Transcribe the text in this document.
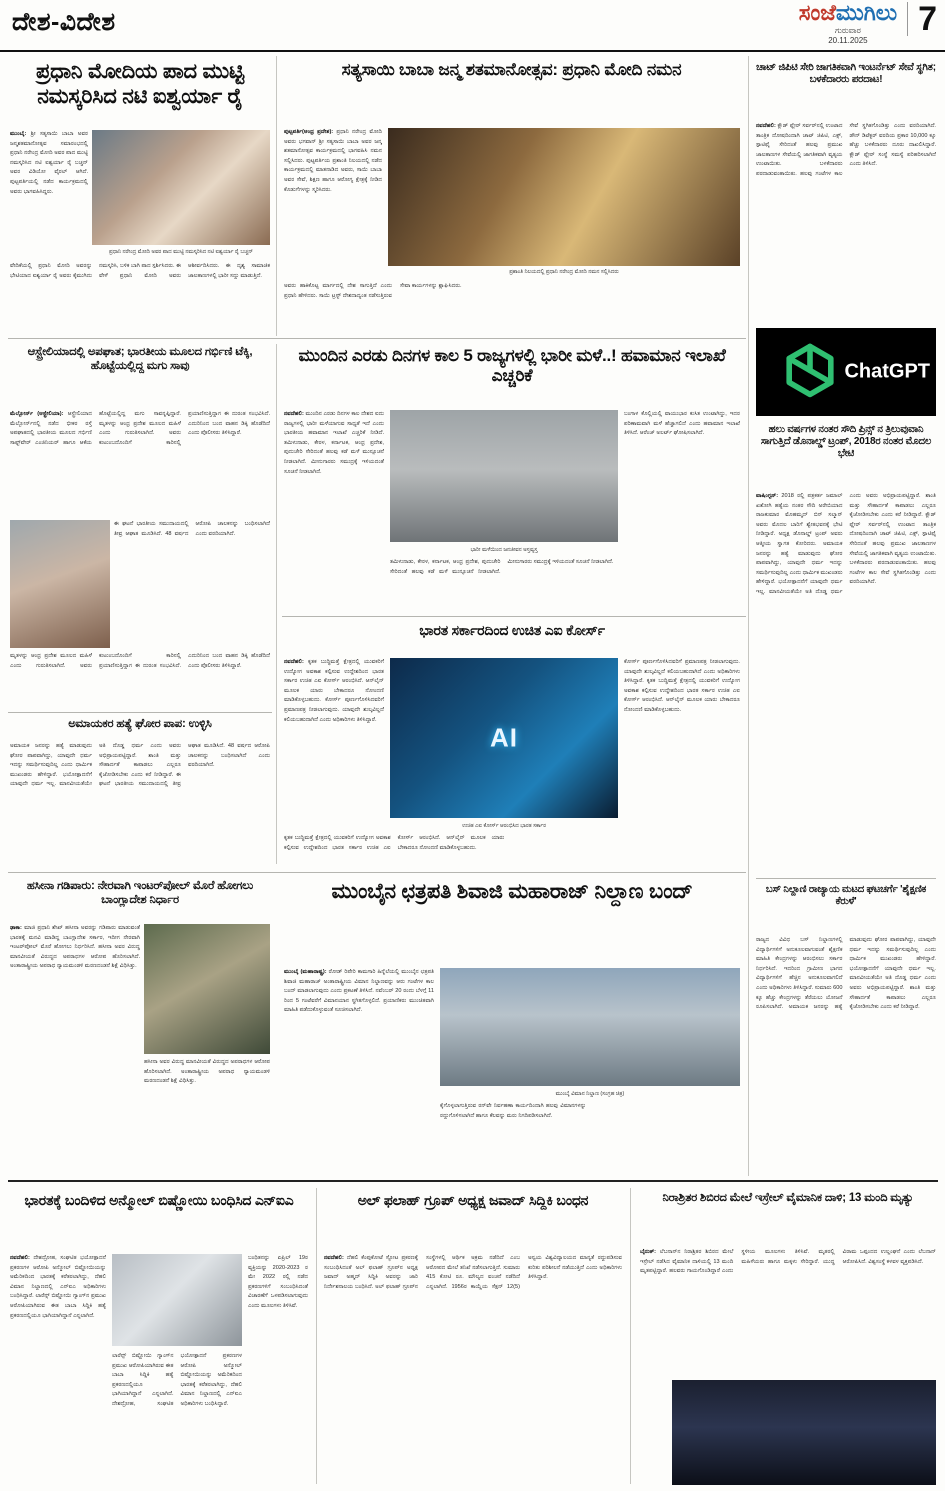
ದೇಶ-ವಿದೇಶ	ಸಂಜೆಮುಗಿಲು
ಗುರುವಾರ
20.11.2025
7
ಪ್ರಧಾನಿ ಮೋದಿಯ ಪಾದ ಮುಟ್ಟಿ ನಮಸ್ಕರಿಸಿದ ನಟಿ ಐಶ್ವರ್ಯಾ ರೈ
ಮುಂಬೈ: ಶ್ರೀ ಸತ್ಯಸಾಯಿ ಬಾಬಾ ಅವರ ಜನ್ಮಶತಮಾನೋತ್ಸವ ಸಮಾರಂಭದಲ್ಲಿ ಪ್ರಧಾನಿ ನರೇಂದ್ರ ಮೋದಿ ಅವರ ಪಾದ ಮುಟ್ಟಿ ನಮಸ್ಕರಿಸಿದ ನಟಿ ಐಶ್ವರ್ಯಾ ರೈ ಬಚ್ಚನ್ ಅವರ ವಿಡಿಯೋ ವೈರಲ್ ಆಗಿದೆ. ಪುಟ್ಟಪರ್ತಿಯಲ್ಲಿ ನಡೆದ ಕಾರ್ಯಕ್ರಮದಲ್ಲಿ ಅವರು ಭಾಗವಹಿಸಿದ್ದರು.
ಪ್ರಧಾನಿ ನರೇಂದ್ರ ಮೋದಿ ಅವರ ಪಾದ ಮುಟ್ಟಿ ನಮಸ್ಕರಿಸಿದ ನಟಿ ಐಶ್ವರ್ಯಾ ರೈ ಬಚ್ಚನ್
ವೇದಿಕೆಯಲ್ಲಿ ಪ್ರಧಾನಿ ಮೋದಿ ಅವರನ್ನು ಭೇಟಿಯಾದ ಐಶ್ವರ್ಯಾ ರೈ ಅವರು ಕೈಮುಗಿದು ನಮಸ್ಕರಿಸಿ, ಬಳಿಕ ಬಾಗಿ ಪಾದ ಸ್ಪರ್ಶಿಸಿದರು. ಈ ವೇಳೆ ಪ್ರಧಾನಿ ಮೋದಿ ಅವರು ಆಶೀರ್ವದಿಸಿದರು. ಈ ದೃಶ್ಯ ಸಾಮಾಜಿಕ ಜಾಲತಾಣಗಳಲ್ಲಿ ಭಾರೀ ಸದ್ದು ಮಾಡುತ್ತಿದೆ.
ಸತ್ಯಸಾಯಿ ಬಾಬಾ ಜನ್ಮ ಶತಮಾನೋತ್ಸವ: ಪ್ರಧಾನಿ ಮೋದಿ ನಮನ
ಪುಟ್ಟಪರ್ತಿ(ಆಂಧ್ರ ಪ್ರದೇಶ): ಪ್ರಧಾನಿ ನರೇಂದ್ರ ಮೋದಿ ಅವರು ಭಗವಾನ್ ಶ್ರೀ ಸತ್ಯಸಾಯಿ ಬಾಬಾ ಅವರ ಜನ್ಮ ಶತಮಾನೋತ್ಸವ ಕಾರ್ಯಕ್ರಮದಲ್ಲಿ ಭಾಗವಹಿಸಿ ನಮನ ಸಲ್ಲಿಸಿದರು. ಪುಟ್ಟಪರ್ತಿಯ ಪ್ರಶಾಂತಿ ನಿಲಯದಲ್ಲಿ ನಡೆದ ಕಾರ್ಯಕ್ರಮದಲ್ಲಿ ಮಾತನಾಡಿದ ಅವರು, ಸಾಯಿ ಬಾಬಾ ಅವರ ಸೇವೆ, ಶಿಕ್ಷಣ ಹಾಗೂ ಆರೋಗ್ಯ ಕ್ಷೇತ್ರಕ್ಕೆ ನೀಡಿದ ಕೊಡುಗೆಗಳನ್ನು ಸ್ಮರಿಸಿದರು.
ಪ್ರಶಾಂತಿ ನಿಲಯದಲ್ಲಿ ಪ್ರಧಾನಿ ನರೇಂದ್ರ ಮೋದಿ ನಮನ ಸಲ್ಲಿಸಿದರು
ಅವರು ಹಾಕಿಕೊಟ್ಟ ಮಾರ್ಗದಲ್ಲಿ ದೇಶ ಸಾಗುತ್ತಿದೆ ಎಂದು ಪ್ರಧಾನಿ ಹೇಳಿದರು. ಸಾಯಿ ಟ್ರಸ್ಟ್ ದೇಶದಾದ್ಯಂತ ನಡೆಸುತ್ತಿರುವ ಸೇವಾ ಕಾರ್ಯಗಳನ್ನು ಶ್ಲಾಘಿಸಿದರು.
ಚಾಟ್ ಜಿಪಿಟಿ ಸೇರಿ ಜಾಗತಿಕವಾಗಿ ಇಂಟರ್ನೆಟ್ ಸೇವೆ ಸ್ಥಗಿತ; ಬಳಕೆದಾರರು ಪರದಾಟ!
ನವದೆಹಲಿ: ಕ್ಲೌಡ್ ಫ್ಲೇರ್ ಸರ್ವರ್‌ನಲ್ಲಿ ಉಂಟಾದ ತಾಂತ್ರಿಕ ದೋಷದಿಂದಾಗಿ ಚಾಟ್ ಜಿಪಿಟಿ, ಎಕ್ಸ್, ಸ್ಪಾಟಿಫೈ ಸೇರಿದಂತೆ ಹಲವು ಪ್ರಮುಖ ಜಾಲತಾಣಗಳ ಸೇವೆಯಲ್ಲಿ ಜಾಗತಿಕವಾಗಿ ವ್ಯತ್ಯಯ ಉಂಟಾಯಿತು. ಬಳಕೆದಾರರು ಪರದಾಡುವಂತಾಯಿತು. ಹಲವು ಗಂಟೆಗಳ ಕಾಲ ಸೇವೆ ಸ್ಥಗಿತಗೊಂಡಿತ್ತು ಎಂದು ವರದಿಯಾಗಿದೆ. ಡೌನ್ ಡಿಟೆಕ್ಟರ್ ವರದಿಯ ಪ್ರಕಾರ 10,000 ಕ್ಕೂ ಹೆಚ್ಚು ಬಳಕೆದಾರರು ದೂರು ದಾಖಲಿಸಿದ್ದಾರೆ. ಕ್ಲೌಡ್ ಫ್ಲೇರ್ ಸಂಸ್ಥೆ ಸಮಸ್ಯೆ ಪರಿಹರಿಸಲಾಗಿದೆ ಎಂದು ತಿಳಿಸಿದೆ.
ChatGPT
ಹಲು ವರ್ಷಗಳ ನಂತರ ಸೌದಿ ಪ್ರಿನ್ಸ್ ನ ತ್ರಿಲುವುವಾನಿ ಸಾಗುತ್ತಿದೆ ಡೊನಾಲ್ಡ್ ಟ್ರಂಪ್, 2018ರ ನಂತರ ಮೊದಲ ಭೇಟಿ
ವಾಷಿಂಗ್ಟನ್: 2018 ರಲ್ಲಿ ಪತ್ರಕರ್ತ ಜಮಾಲ್ ಖಶೋಗಿ ಹತ್ಯೆಯ ನಂತರ ಸೌದಿ ಅರೇಬಿಯಾದ ರಾಜಕುಮಾರ ಮೊಹಮ್ಮದ್ ಬಿನ್ ಸಲ್ಮಾನ್ ಅವರು ಮೊದಲ ಬಾರಿಗೆ ಶ್ವೇತಭವನಕ್ಕೆ ಭೇಟಿ ನೀಡಿದ್ದಾರೆ. ಅಧ್ಯಕ್ಷ ಡೊನಾಲ್ಡ್ ಟ್ರಂಪ್ ಅವರು ಆತ್ಮೀಯ ಸ್ವಾಗತ ಕೋರಿದರು. ಅಮಾಯಕ ಜನರನ್ನು ಹತ್ಯೆ ಮಾಡುವುದು ಘೋರ ಪಾಪವಾಗಿದ್ದು, ಯಾವುದೇ ಧರ್ಮ ಇದನ್ನು ಸಮರ್ಥಿಸುವುದಿಲ್ಲ ಎಂದು ಧಾರ್ಮಿಕ ಮುಖಂಡರು ಹೇಳಿದ್ದಾರೆ. ಭಯೋತ್ಪಾದನೆಗೆ ಯಾವುದೇ ಧರ್ಮ ಇಲ್ಲ. ಮಾನವೀಯತೆಯೇ ಅತಿ ದೊಡ್ಡ ಧರ್ಮ ಎಂದು ಅವರು ಅಭಿಪ್ರಾಯಪಟ್ಟಿದ್ದಾರೆ. ಶಾಂತಿ ಮತ್ತು ಸೌಹಾರ್ದತೆ ಕಾಪಾಡಲು ಎಲ್ಲರೂ ಕೈಜೋಡಿಸಬೇಕು ಎಂದು ಕರೆ ನೀಡಿದ್ದಾರೆ. ಕ್ಲೌಡ್ ಫ್ಲೇರ್ ಸರ್ವರ್‌ನಲ್ಲಿ ಉಂಟಾದ ತಾಂತ್ರಿಕ ದೋಷದಿಂದಾಗಿ ಚಾಟ್ ಜಿಪಿಟಿ, ಎಕ್ಸ್, ಸ್ಪಾಟಿಫೈ ಸೇರಿದಂತೆ ಹಲವು ಪ್ರಮುಖ ಜಾಲತಾಣಗಳ ಸೇವೆಯಲ್ಲಿ ಜಾಗತಿಕವಾಗಿ ವ್ಯತ್ಯಯ ಉಂಟಾಯಿತು. ಬಳಕೆದಾರರು ಪರದಾಡುವಂತಾಯಿತು. ಹಲವು ಗಂಟೆಗಳ ಕಾಲ ಸೇವೆ ಸ್ಥಗಿತಗೊಂಡಿತ್ತು ಎಂದು ವರದಿಯಾಗಿದೆ.
ಬಸ್ ನಿಲ್ದಾಣಿ ರಾಜ್ಯಾಯ ಮಟದ ಘಟಚರ್ಗೆ 'ಶೈಕ್ಷಣಿಕ ಕೆರುಳೆ'
ರಾಜ್ಯದ ವಿವಿಧ ಬಸ್ ನಿಲ್ದಾಣಗಳಲ್ಲಿ ವಿದ್ಯಾರ್ಥಿಗಳಿಗೆ ಅನುಕೂಲವಾಗುವಂತೆ ಶೈಕ್ಷಣಿಕ ಮಾಹಿತಿ ಕೇಂದ್ರಗಳನ್ನು ಆರಂಭಿಸಲು ಸರ್ಕಾರ ನಿರ್ಧರಿಸಿದೆ. ಇದರಿಂದ ಗ್ರಾಮೀಣ ಭಾಗದ ವಿದ್ಯಾರ್ಥಿಗಳಿಗೆ ಹೆಚ್ಚಿನ ಅನುಕೂಲವಾಗಲಿದೆ ಎಂದು ಅಧಿಕಾರಿಗಳು ತಿಳಿಸಿದ್ದಾರೆ. ಸುಮಾರು 600 ಕ್ಕೂ ಹೆಚ್ಚು ಕೇಂದ್ರಗಳನ್ನು ತೆರೆಯಲು ಯೋಜನೆ ರೂಪಿಸಲಾಗಿದೆ. ಅಮಾಯಕ ಜನರನ್ನು ಹತ್ಯೆ ಮಾಡುವುದು ಘೋರ ಪಾಪವಾಗಿದ್ದು, ಯಾವುದೇ ಧರ್ಮ ಇದನ್ನು ಸಮರ್ಥಿಸುವುದಿಲ್ಲ ಎಂದು ಧಾರ್ಮಿಕ ಮುಖಂಡರು ಹೇಳಿದ್ದಾರೆ. ಭಯೋತ್ಪಾದನೆಗೆ ಯಾವುದೇ ಧರ್ಮ ಇಲ್ಲ. ಮಾನವೀಯತೆಯೇ ಅತಿ ದೊಡ್ಡ ಧರ್ಮ ಎಂದು ಅವರು ಅಭಿಪ್ರಾಯಪಟ್ಟಿದ್ದಾರೆ. ಶಾಂತಿ ಮತ್ತು ಸೌಹಾರ್ದತೆ ಕಾಪಾಡಲು ಎಲ್ಲರೂ ಕೈಜೋಡಿಸಬೇಕು ಎಂದು ಕರೆ ನೀಡಿದ್ದಾರೆ.
ಆಸ್ಟ್ರೇಲಿಯಾದಲ್ಲಿ ಅಪಘಾತ; ಭಾರತೀಯ ಮೂಲದ ಗರ್ಭಿಣಿ ಟೆಕ್ಕಿ, ಹೊಟ್ಟೆಯಲ್ಲಿದ್ದ ಮಗು ಸಾವು
ಮೆಲ್ಬೋರ್ನ್ (ಆಸ್ಟ್ರೇಲಿಯಾ): ಆಸ್ಟ್ರೇಲಿಯಾದ ಮೆಲ್ಬೋರ್ನ್‌ನಲ್ಲಿ ನಡೆದ ಭೀಕರ ರಸ್ತೆ ಅಪಘಾತದಲ್ಲಿ ಭಾರತೀಯ ಮೂಲದ ಗರ್ಭಿಣಿ ಸಾಫ್ಟ್‌ವೇರ್ ಎಂಜಿನಿಯರ್ ಹಾಗೂ ಆಕೆಯ ಹೊಟ್ಟೆಯಲ್ಲಿದ್ದ ಮಗು ಸಾವನ್ನಪ್ಪಿದ್ದಾರೆ. ಮೃತಳನ್ನು ಆಂಧ್ರ ಪ್ರದೇಶ ಮೂಲದ ಮಹಿಳೆ ಎಂದು ಗುರುತಿಸಲಾಗಿದೆ. ಅವರು ಕುಟುಂಬದೊಂದಿಗೆ ಕಾರಿನಲ್ಲಿ ಪ್ರಯಾಣಿಸುತ್ತಿದ್ದಾಗ ಈ ದುರಂತ ಸಂಭವಿಸಿದೆ. ಎದುರಿನಿಂದ ಬಂದ ವಾಹನ ಡಿಕ್ಕಿ ಹೊಡೆದಿದೆ ಎಂದು ಪೊಲೀಸರು ತಿಳಿಸಿದ್ದಾರೆ.
ಈ ಘಟನೆ ಭಾರತೀಯ ಸಮುದಾಯದಲ್ಲಿ ತೀವ್ರ ಆಘಾತ ಮೂಡಿಸಿದೆ. 48 ವರ್ಷದ ಆರೋಪಿ ಚಾಲಕನನ್ನು ಬಂಧಿಸಲಾಗಿದೆ ಎಂದು ವರದಿಯಾಗಿದೆ.
ಮೃತಳನ್ನು ಆಂಧ್ರ ಪ್ರದೇಶ ಮೂಲದ ಮಹಿಳೆ ಎಂದು ಗುರುತಿಸಲಾಗಿದೆ. ಅವರು ಕುಟುಂಬದೊಂದಿಗೆ ಕಾರಿನಲ್ಲಿ ಪ್ರಯಾಣಿಸುತ್ತಿದ್ದಾಗ ಈ ದುರಂತ ಸಂಭವಿಸಿದೆ. ಎದುರಿನಿಂದ ಬಂದ ವಾಹನ ಡಿಕ್ಕಿ ಹೊಡೆದಿದೆ ಎಂದು ಪೊಲೀಸರು ತಿಳಿಸಿದ್ದಾರೆ.
ಅಮಾಯಕರ ಹತ್ಯೆ ಘೋರ ಪಾಪ: ಉಳ್ಳಿಸಿ
ಅಮಾಯಕ ಜನರನ್ನು ಹತ್ಯೆ ಮಾಡುವುದು ಘೋರ ಪಾಪವಾಗಿದ್ದು, ಯಾವುದೇ ಧರ್ಮ ಇದನ್ನು ಸಮರ್ಥಿಸುವುದಿಲ್ಲ ಎಂದು ಧಾರ್ಮಿಕ ಮುಖಂಡರು ಹೇಳಿದ್ದಾರೆ. ಭಯೋತ್ಪಾದನೆಗೆ ಯಾವುದೇ ಧರ್ಮ ಇಲ್ಲ. ಮಾನವೀಯತೆಯೇ ಅತಿ ದೊಡ್ಡ ಧರ್ಮ ಎಂದು ಅವರು ಅಭಿಪ್ರಾಯಪಟ್ಟಿದ್ದಾರೆ. ಶಾಂತಿ ಮತ್ತು ಸೌಹಾರ್ದತೆ ಕಾಪಾಡಲು ಎಲ್ಲರೂ ಕೈಜೋಡಿಸಬೇಕು ಎಂದು ಕರೆ ನೀಡಿದ್ದಾರೆ. ಈ ಘಟನೆ ಭಾರತೀಯ ಸಮುದಾಯದಲ್ಲಿ ತೀವ್ರ ಆಘಾತ ಮೂಡಿಸಿದೆ. 48 ವರ್ಷದ ಆರೋಪಿ ಚಾಲಕನನ್ನು ಬಂಧಿಸಲಾಗಿದೆ ಎಂದು ವರದಿಯಾಗಿದೆ.
ಮುಂದಿನ ಎರಡು ದಿನಗಳ ಕಾಲ 5 ರಾಜ್ಯಗಳಲ್ಲಿ ಭಾರೀ ಮಳೆ..! ಹವಾಮಾನ ಇಲಾಖೆ ಎಚ್ಚರಿಕೆ
ನವದೆಹಲಿ: ಮುಂದಿನ ಎರಡು ದಿನಗಳ ಕಾಲ ದೇಶದ ಐದು ರಾಜ್ಯಗಳಲ್ಲಿ ಭಾರೀ ಮಳೆಯಾಗುವ ಸಾಧ್ಯತೆ ಇದೆ ಎಂದು ಭಾರತೀಯ ಹವಾಮಾನ ಇಲಾಖೆ ಎಚ್ಚರಿಕೆ ನೀಡಿದೆ. ತಮಿಳುನಾಡು, ಕೇರಳ, ಕರ್ನಾಟಕ, ಆಂಧ್ರ ಪ್ರದೇಶ, ಪುದುಚೇರಿ ಸೇರಿದಂತೆ ಹಲವು ಕಡೆ ಮಳೆ ಮುನ್ಸೂಚನೆ ನೀಡಲಾಗಿದೆ. ಮೀನುಗಾರರು ಸಮುದ್ರಕ್ಕೆ ಇಳಿಯದಂತೆ ಸೂಚನೆ ನೀಡಲಾಗಿದೆ.
ಭಾರೀ ಮಳೆಯಿಂದ ಜನಜೀವನ ಅಸ್ತವ್ಯಸ್ತ
ಬಂಗಾಳ ಕೊಲ್ಲಿಯಲ್ಲಿ ವಾಯುಭಾರ ಕುಸಿತ ಉಂಟಾಗಿದ್ದು, ಇದರ ಪರಿಣಾಮವಾಗಿ ಮಳೆ ಹೆಚ್ಚಾಗಲಿದೆ ಎಂದು ಹವಾಮಾನ ಇಲಾಖೆ ತಿಳಿಸಿದೆ. ಆರೆಂಜ್ ಅಲರ್ಟ್ ಘೋಷಿಸಲಾಗಿದೆ.
ತಮಿಳುನಾಡು, ಕೇರಳ, ಕರ್ನಾಟಕ, ಆಂಧ್ರ ಪ್ರದೇಶ, ಪುದುಚೇರಿ ಸೇರಿದಂತೆ ಹಲವು ಕಡೆ ಮಳೆ ಮುನ್ಸೂಚನೆ ನೀಡಲಾಗಿದೆ. ಮೀನುಗಾರರು ಸಮುದ್ರಕ್ಕೆ ಇಳಿಯದಂತೆ ಸೂಚನೆ ನೀಡಲಾಗಿದೆ.
ಭಾರತ ಸರ್ಕಾರದಿಂದ ಉಚಿತ ಎಐ ಕೋರ್ಸ್
ನವದೆಹಲಿ: ಕೃತಕ ಬುದ್ಧಿಮತ್ತೆ ಕ್ಷೇತ್ರದಲ್ಲಿ ಯುವಕರಿಗೆ ಉದ್ಯೋಗ ಅವಕಾಶ ಕಲ್ಪಿಸುವ ಉದ್ದೇಶದಿಂದ ಭಾರತ ಸರ್ಕಾರ ಉಚಿತ ಎಐ ಕೋರ್ಸ್ ಆರಂಭಿಸಿದೆ. ಆನ್‌ಲೈನ್ ಮೂಲಕ ಯಾರು ಬೇಕಾದರೂ ನೋಂದಣಿ ಮಾಡಿಕೊಳ್ಳಬಹುದು. ಕೋರ್ಸ್ ಪೂರ್ಣಗೊಳಿಸಿದವರಿಗೆ ಪ್ರಮಾಣಪತ್ರ ನೀಡಲಾಗುವುದು. ಯಾವುದೇ ಶುಲ್ಕವಿಲ್ಲದೆ ಕಲಿಯಬಹುದಾಗಿದೆ ಎಂದು ಅಧಿಕಾರಿಗಳು ತಿಳಿಸಿದ್ದಾರೆ.
AI
ಉಚಿತ ಎಐ ಕೋರ್ಸ್ ಆರಂಭಿಸಿದ ಭಾರತ ಸರ್ಕಾರ
ಕೋರ್ಸ್ ಪೂರ್ಣಗೊಳಿಸಿದವರಿಗೆ ಪ್ರಮಾಣಪತ್ರ ನೀಡಲಾಗುವುದು. ಯಾವುದೇ ಶುಲ್ಕವಿಲ್ಲದೆ ಕಲಿಯಬಹುದಾಗಿದೆ ಎಂದು ಅಧಿಕಾರಿಗಳು ತಿಳಿಸಿದ್ದಾರೆ. ಕೃತಕ ಬುದ್ಧಿಮತ್ತೆ ಕ್ಷೇತ್ರದಲ್ಲಿ ಯುವಕರಿಗೆ ಉದ್ಯೋಗ ಅವಕಾಶ ಕಲ್ಪಿಸುವ ಉದ್ದೇಶದಿಂದ ಭಾರತ ಸರ್ಕಾರ ಉಚಿತ ಎಐ ಕೋರ್ಸ್ ಆರಂಭಿಸಿದೆ. ಆನ್‌ಲೈನ್ ಮೂಲಕ ಯಾರು ಬೇಕಾದರೂ ನೋಂದಣಿ ಮಾಡಿಕೊಳ್ಳಬಹುದು.
ಕೃತಕ ಬುದ್ಧಿಮತ್ತೆ ಕ್ಷೇತ್ರದಲ್ಲಿ ಯುವಕರಿಗೆ ಉದ್ಯೋಗ ಅವಕಾಶ ಕಲ್ಪಿಸುವ ಉದ್ದೇಶದಿಂದ ಭಾರತ ಸರ್ಕಾರ ಉಚಿತ ಎಐ ಕೋರ್ಸ್ ಆರಂಭಿಸಿದೆ. ಆನ್‌ಲೈನ್ ಮೂಲಕ ಯಾರು ಬೇಕಾದರೂ ನೋಂದಣಿ ಮಾಡಿಕೊಳ್ಳಬಹುದು.
ಹಸೀನಾ ಗಡಿಪಾರು: ನೇರವಾಗಿ ಇಂಟರ್‌ಪೋಲ್ ಮೊರೆ ಹೋಗಲು ಬಾಂಗ್ಲಾದೇಶ ನಿರ್ಧಾರ
ಢಾಕಾ: ಮಾಜಿ ಪ್ರಧಾನಿ ಶೇಖ್ ಹಸೀನಾ ಅವರನ್ನು ಗಡಿಪಾರು ಮಾಡುವಂತೆ ಭಾರತಕ್ಕೆ ಮನವಿ ಮಾಡಿದ್ದ ಬಾಂಗ್ಲಾದೇಶ ಸರ್ಕಾರ, ಇದೀಗ ನೇರವಾಗಿ ಇಂಟರ್‌ಪೋಲ್ ಮೊರೆ ಹೋಗಲು ನಿರ್ಧರಿಸಿದೆ. ಹಸೀನಾ ಅವರ ವಿರುದ್ಧ ಮಾನವೀಯತೆ ವಿರುದ್ಧದ ಅಪರಾಧಗಳ ಆರೋಪ ಹೊರಿಸಲಾಗಿದೆ. ಅಂತಾರಾಷ್ಟ್ರೀಯ ಅಪರಾಧ ನ್ಯಾಯಮಂಡಳಿ ಮರಣದಂಡನೆ ಶಿಕ್ಷೆ ವಿಧಿಸಿತ್ತು.
ಹಸೀನಾ ಅವರ ವಿರುದ್ಧ ಮಾನವೀಯತೆ ವಿರುದ್ಧದ ಅಪರಾಧಗಳ ಆರೋಪ ಹೊರಿಸಲಾಗಿದೆ. ಅಂತಾರಾಷ್ಟ್ರೀಯ ಅಪರಾಧ ನ್ಯಾಯಮಂಡಳಿ ಮರಣದಂಡನೆ ಶಿಕ್ಷೆ ವಿಧಿಸಿತ್ತು.
ಮುಂಬೈನ ಛತ್ರಪತಿ ಶಿವಾಜಿ ಮಹಾರಾಜ್ ನಿಲ್ದಾಣ ಬಂದ್
ಮುಂಬೈ (ಮಹಾರಾಷ್ಟ್ರ): ರೋಡ್ ರಿಪೇರಿ ಕಾಮಗಾರಿ ಹಿನ್ನೆಲೆಯಲ್ಲಿ ಮುಂಬೈನ ಛತ್ರಪತಿ ಶಿವಾಜಿ ಮಹಾರಾಜ್ ಅಂತಾರಾಷ್ಟ್ರೀಯ ವಿಮಾನ ನಿಲ್ದಾಣವನ್ನು ಆರು ಗಂಟೆಗಳ ಕಾಲ ಬಂದ್ ಮಾಡಲಾಗುವುದು ಎಂದು ಪ್ರಕಟಣೆ ತಿಳಿಸಿದೆ. ನವೆಂಬರ್ 20 ರಂದು ಬೆಳಗ್ಗೆ 11 ರಿಂದ 5 ಗಂಟೆವರೆಗೆ ವಿಮಾನಯಾನ ಸ್ಥಗಿತಗೊಳ್ಳಲಿದೆ. ಪ್ರಯಾಣಿಕರು ಮುಂಚಿತವಾಗಿ ಮಾಹಿತಿ ಪಡೆದುಕೊಳ್ಳುವಂತೆ ಸೂಚಿಸಲಾಗಿದೆ.
ಮುಂಬೈ ವಿಮಾನ ನಿಲ್ದಾಣ (ಸಂಗ್ರಹ ಚಿತ್ರ)
ಕೈಗೊಳ್ಳಲಾಗುತ್ತಿರುವ ರನ್‌ವೇ ನಿರ್ವಹಣಾ ಕಾರ್ಯದಿಂದಾಗಿ ಹಲವು ವಿಮಾನಗಳನ್ನು ರದ್ದುಗೊಳಿಸಲಾಗಿದೆ ಹಾಗೂ ಕೆಲವನ್ನು ಮರು ನಿಗದಿಪಡಿಸಲಾಗಿದೆ.
ಭಾರತಕ್ಕೆ ಬಂದಿಳಿದ ಅನ್ಮೋಲ್ ಬಿಷ್ಣೋಯಿ ಬಂಧಿಸಿದ ಎನ್ಐಎ
ನವದೆಹಲಿ: ದೇಶದ್ರೋಹ, ಸಂಘಟಿತ ಭಯೋತ್ಪಾದನೆ ಪ್ರಕರಣಗಳ ಆರೋಪಿ ಅನ್ಮೋಲ್ ಬಿಷ್ಣೋಯಿಯನ್ನು ಅಮೆರಿಕದಿಂದ ಭಾರತಕ್ಕೆ ಕರೆತರಲಾಗಿದ್ದು, ದೆಹಲಿ ವಿಮಾನ ನಿಲ್ದಾಣದಲ್ಲಿ ಎನ್ಐಎ ಅಧಿಕಾರಿಗಳು ಬಂಧಿಸಿದ್ದಾರೆ. ಲಾರೆನ್ಸ್ ಬಿಷ್ಣೋಯಿ ಗ್ಯಾಂಗ್‌ನ ಪ್ರಮುಖ ಆರೋಪಿಯಾಗಿರುವ ಈತ ಬಾಬಾ ಸಿದ್ದಿಕಿ ಹತ್ಯೆ ಪ್ರಕರಣದಲ್ಲಿಯೂ ಭಾಗಿಯಾಗಿದ್ದಾನೆ ಎನ್ನಲಾಗಿದೆ.
ಬಂಧಿತನನ್ನು ಏಪ್ರಿಲ್ 19ರ ವ್ಯಕ್ತಿಯನ್ನು 2020-2023 ರ ಮೇ 2022 ರಲ್ಲಿ ನಡೆದ ಪ್ರಕರಣಗಳಿಗೆ ಸಂಬಂಧಿಸಿದಂತೆ ವಿಚಾರಣೆಗೆ ಒಳಪಡಿಸಲಾಗುವುದು ಎಂದು ಮೂಲಗಳು ತಿಳಿಸಿವೆ.
ಲಾರೆನ್ಸ್ ಬಿಷ್ಣೋಯಿ ಗ್ಯಾಂಗ್‌ನ ಪ್ರಮುಖ ಆರೋಪಿಯಾಗಿರುವ ಈತ ಬಾಬಾ ಸಿದ್ದಿಕಿ ಹತ್ಯೆ ಪ್ರಕರಣದಲ್ಲಿಯೂ ಭಾಗಿಯಾಗಿದ್ದಾನೆ ಎನ್ನಲಾಗಿದೆ. ದೇಶದ್ರೋಹ, ಸಂಘಟಿತ ಭಯೋತ್ಪಾದನೆ ಪ್ರಕರಣಗಳ ಆರೋಪಿ ಅನ್ಮೋಲ್ ಬಿಷ್ಣೋಯಿಯನ್ನು ಅಮೆರಿಕದಿಂದ ಭಾರತಕ್ಕೆ ಕರೆತರಲಾಗಿದ್ದು, ದೆಹಲಿ ವಿಮಾನ ನಿಲ್ದಾಣದಲ್ಲಿ ಎನ್ಐಎ ಅಧಿಕಾರಿಗಳು ಬಂಧಿಸಿದ್ದಾರೆ.
ಅಲ್ ಫಲಾಹ್ ಗ್ರೂಪ್ ಅಧ್ಯಕ್ಷ ಜವಾದ್ ಸಿದ್ದಿಕಿ ಬಂಧನ
ನವದೆಹಲಿ: ದೆಹಲಿ ಕೆಂಪುಕೋಟೆ ಸ್ಫೋಟ ಪ್ರಕರಣಕ್ಕೆ ಸಂಬಂಧಿಸಿದಂತೆ ಅಲ್ ಫಲಾಹ್ ಗ್ರೂಪ್‌ನ ಅಧ್ಯಕ್ಷ ಜವಾದ್ ಅಹ್ಮದ್ ಸಿದ್ದಿಕಿ ಅವರನ್ನು ಜಾರಿ ನಿರ್ದೇಶನಾಲಯ ಬಂಧಿಸಿದೆ. ಅಲ್ ಫಲಾಹ್ ಗ್ರೂಪ್‌ನ ಸಂಸ್ಥೆಗಳಲ್ಲಿ ಆರ್ಥಿಕ ಅಕ್ರಮ ನಡೆದಿದೆ ಎಂಬ ಆರೋಪದ ಮೇಲೆ ತನಿಖೆ ನಡೆಸಲಾಗುತ್ತಿದೆ. ಸುಮಾರು 415 ಕೋಟಿ ರೂ. ಮೌಲ್ಯದ ವಂಚನೆ ನಡೆದಿದೆ ಎನ್ನಲಾಗಿದೆ. 1956ರ ಕಾಯ್ದೆಯ ಸೆಕ್ಷನ್ 12(5) ಅನ್ವಯ ವಿಶ್ವವಿದ್ಯಾಲಯದ ಮಾನ್ಯತೆ ರದ್ದುಪಡಿಸುವ ಕುರಿತು ಪರಿಶೀಲನೆ ನಡೆಯುತ್ತಿದೆ ಎಂದು ಅಧಿಕಾರಿಗಳು ತಿಳಿಸಿದ್ದಾರೆ.
ನಿರಾಶ್ರಿತರ ಶಿಬಿರದ ಮೇಲೆ ಇಸ್ರೇಲ್ ವೈಮಾನಿಕ ದಾಳಿ; 13 ಮಂದಿ ಮೃತ್ಯು
ಬೈರುತ್: ಲೆಬನಾನ್‌ನ ನಿರಾಶ್ರಿತರ ಶಿಬಿರದ ಮೇಲೆ ಇಸ್ರೇಲ್ ನಡೆಸಿದ ವೈಮಾನಿಕ ದಾಳಿಯಲ್ಲಿ 13 ಮಂದಿ ಮೃತಪಟ್ಟಿದ್ದಾರೆ. ಹಲವರು ಗಾಯಗೊಂಡಿದ್ದಾರೆ ಎಂದು ಸ್ಥಳೀಯ ಮೂಲಗಳು ತಿಳಿಸಿವೆ. ಮೃತರಲ್ಲಿ ಮಹಿಳೆಯರು ಹಾಗೂ ಮಕ್ಕಳು ಸೇರಿದ್ದಾರೆ. ಯುದ್ಧ ವಿರಾಮ ಒಪ್ಪಂದದ ಉಲ್ಲಂಘನೆ ಎಂದು ಲೆಬನಾನ್ ಆರೋಪಿಸಿದೆ. ವಿಶ್ವಸಂಸ್ಥೆ ಕಳವಳ ವ್ಯಕ್ತಪಡಿಸಿದೆ.
